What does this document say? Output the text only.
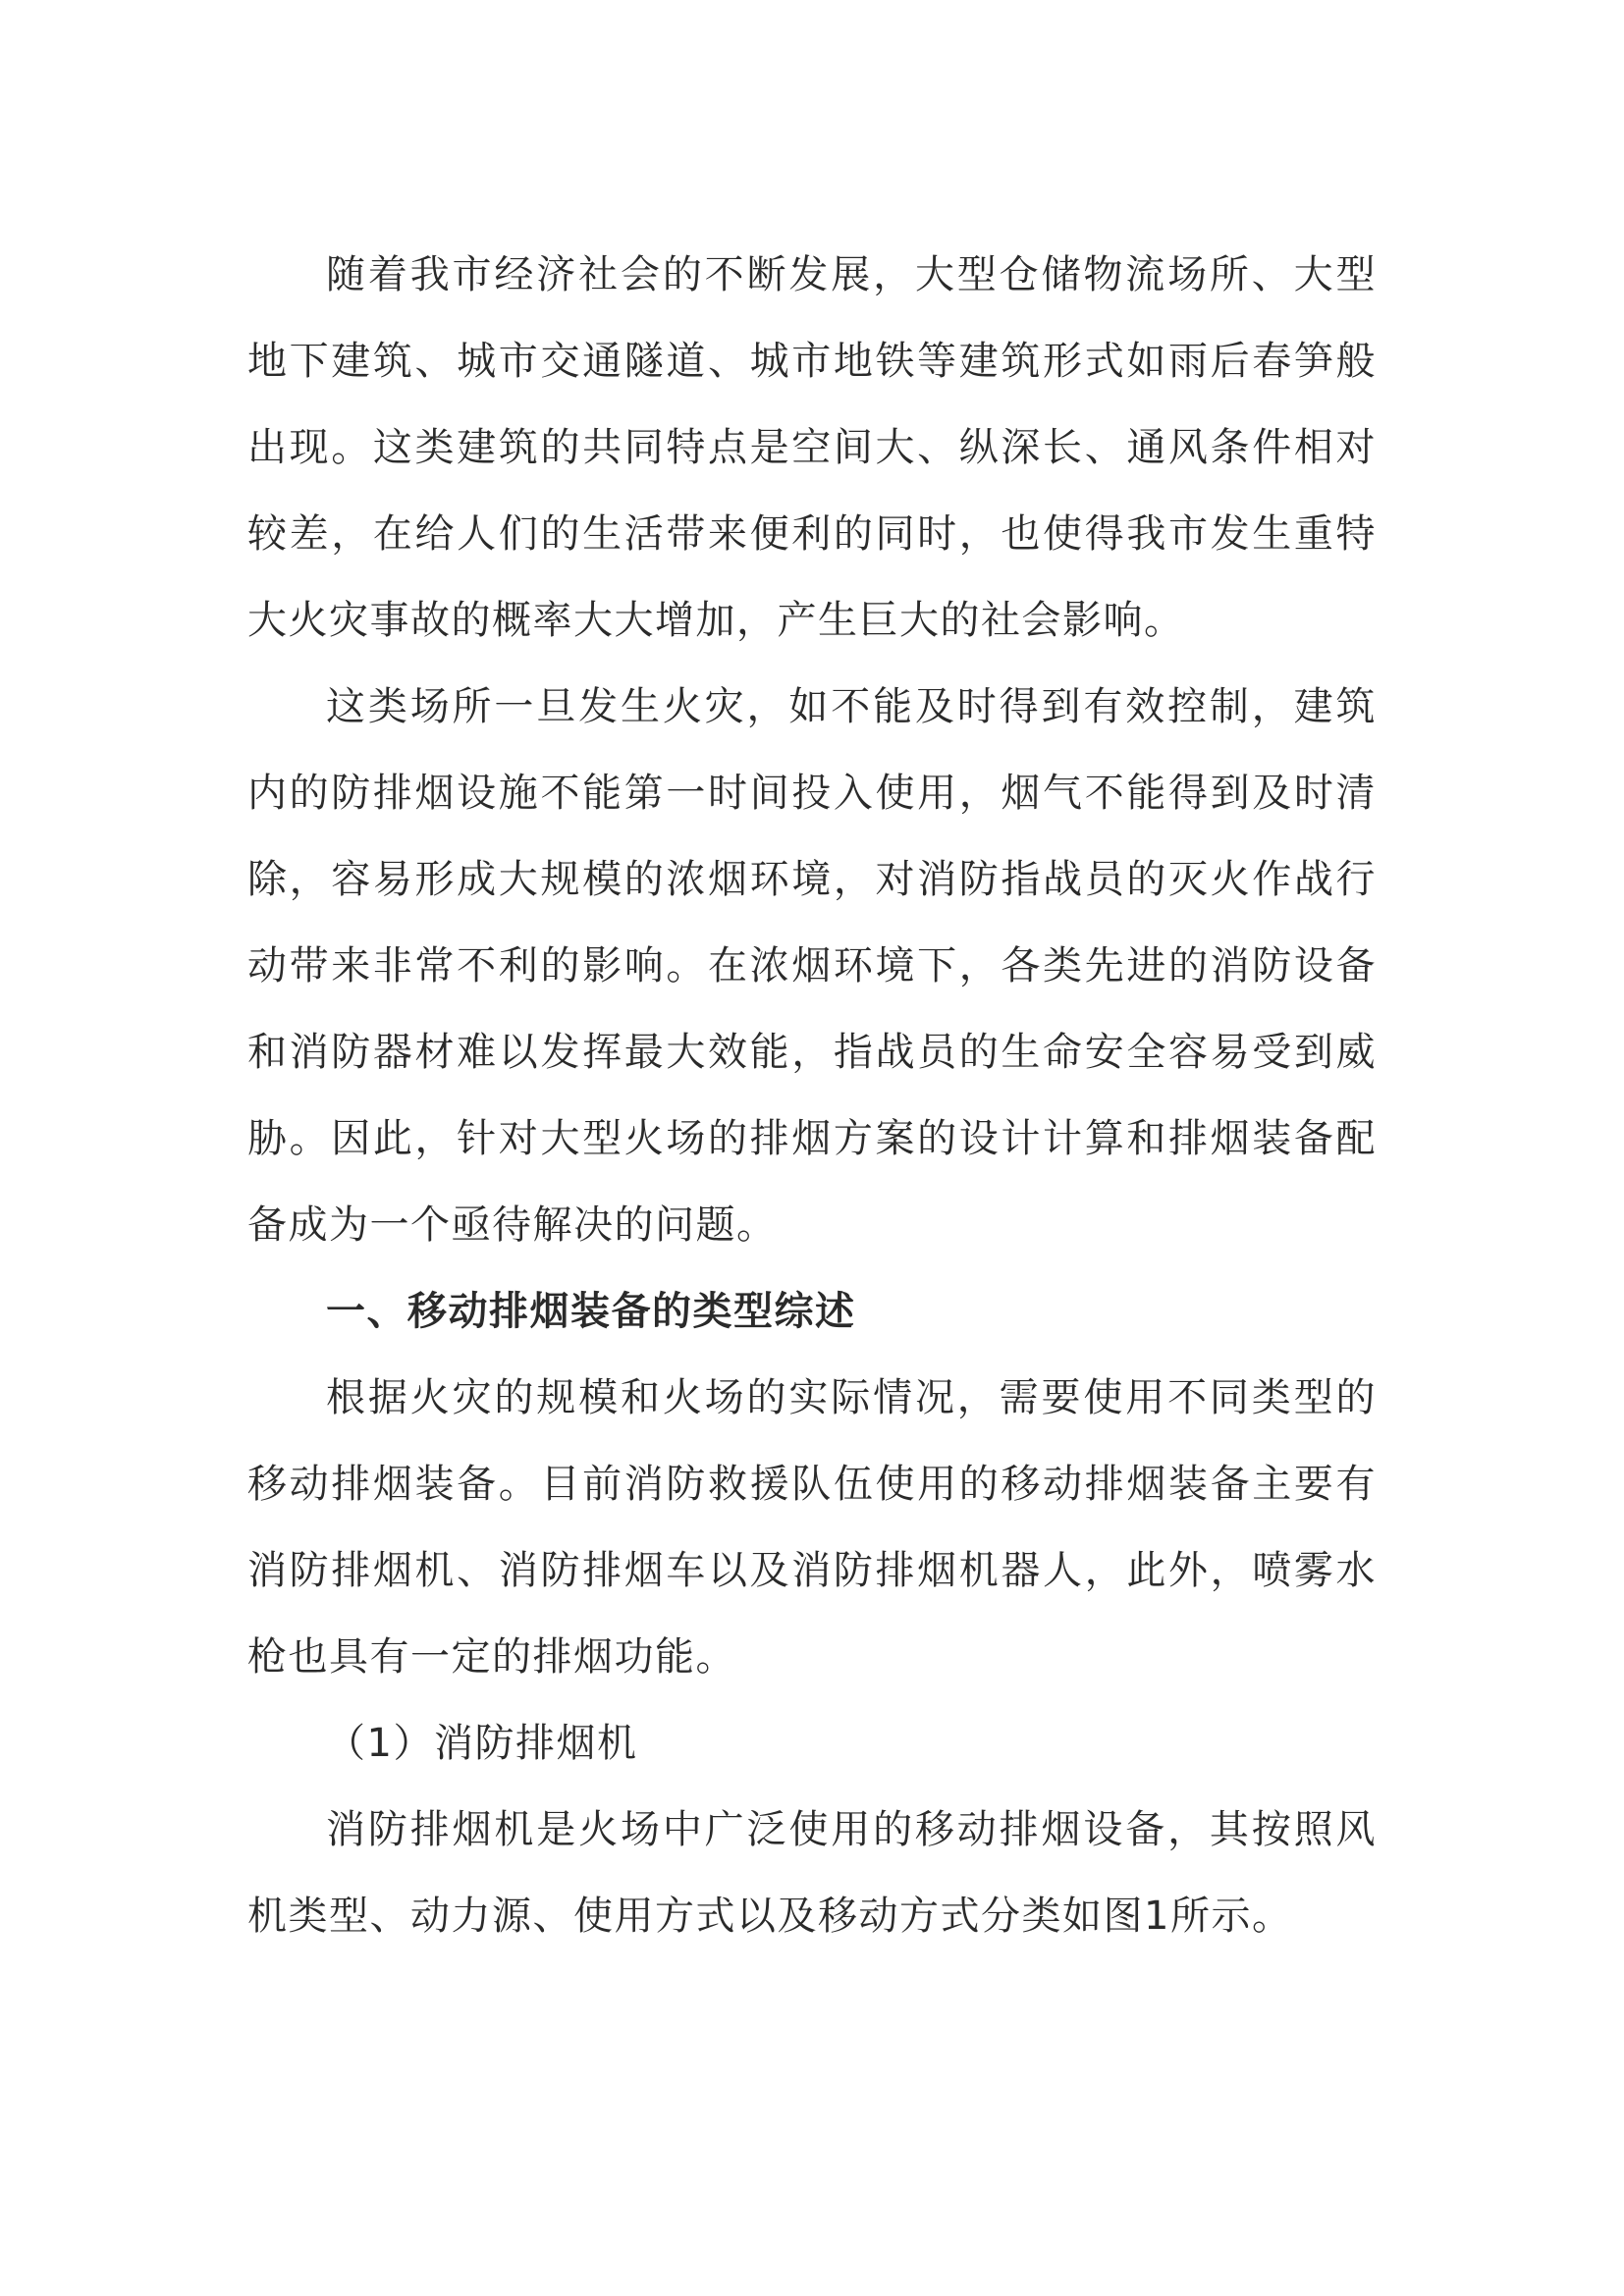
随着我市经济社会的不断发展，大型仓储物流场所、大型地下建筑、城市交通隧道、城市地铁等建筑形式如雨后春笋般出现。这类建筑的共同特点是空间大、纵深长、通风条件相对较差，在给人们的生活带来便利的同时，也使得我市发生重特大火灾事故的概率大大增加，产生巨大的社会影响。

这类场所一旦发生火灾，如不能及时得到有效控制，建筑内的防排烟设施不能第一时间投入使用，烟气不能得到及时清除，容易形成大规模的浓烟环境，对消防指战员的灭火作战行动带来非常不利的影响。在浓烟环境下，各类先进的消防设备和消防器材难以发挥最大效能，指战员的生命安全容易受到威胁。因此，针对大型火场的排烟方案的设计计算和排烟装备配备成为一个亟待解决的问题。

一、移动排烟装备的类型综述

根据火灾的规模和火场的实际情况，需要使用不同类型的移动排烟装备。目前消防救援队伍使用的移动排烟装备主要有消防排烟机、消防排烟车以及消防排烟机器人，此外，喷雾水枪也具有一定的排烟功能。

（1）消防排烟机

消防排烟机是火场中广泛使用的移动排烟设备，其按照风机类型、动力源、使用方式以及移动方式分类如图1所示。
